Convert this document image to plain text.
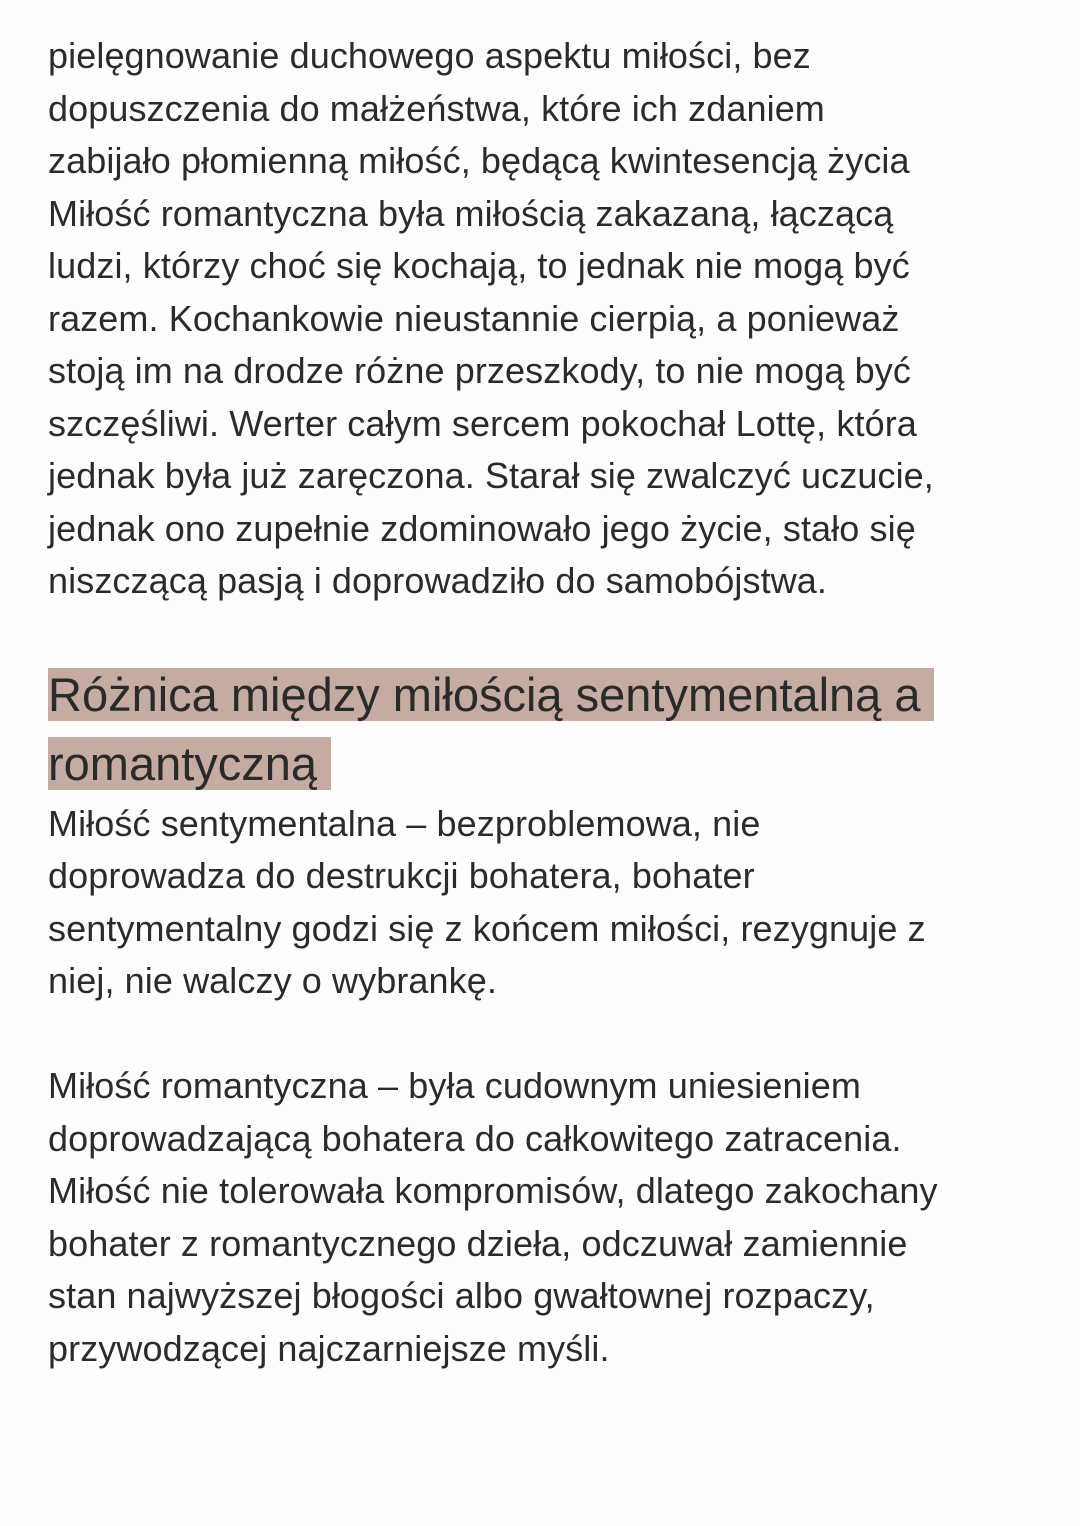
pielęgnowanie duchowego aspektu miłości, bez
dopuszczenia do małżeństwa, które ich zdaniem
zabijało płomienną miłość, będącą kwintesencją życia
Miłość romantyczna była miłością zakazaną, łączącą
ludzi, którzy choć się kochają, to jednak nie mogą być
razem. Kochankowie nieustannie cierpią, a ponieważ
stoją im na drodze różne przeszkody, to nie mogą być
szczęśliwi. Werter całym sercem pokochał Lottę, która
jednak była już zaręczona. Starał się zwalczyć uczucie,
jednak ono zupełnie zdominowało jego życie, stało się
niszczącą pasją i doprowadziło do samobójstwa.

Różnica między miłością sentymentalną a romantyczną

Miłość sentymentalna – bezproblemowa, nie
doprowadza do destrukcji bohatera, bohater
sentymentalny godzi się z końcem miłości, rezygnuje z
niej, nie walczy o wybrankę.

Miłość romantyczna – była cudownym uniesieniem
doprowadzającą bohatera do całkowitego zatracenia.
Miłość nie tolerowała kompromisów, dlatego zakochany
bohater z romantycznego dzieła, odczuwał zamiennie
stan najwyższej błogości albo gwałtownej rozpaczy,
przywodzącej najczarniejsze myśli.
